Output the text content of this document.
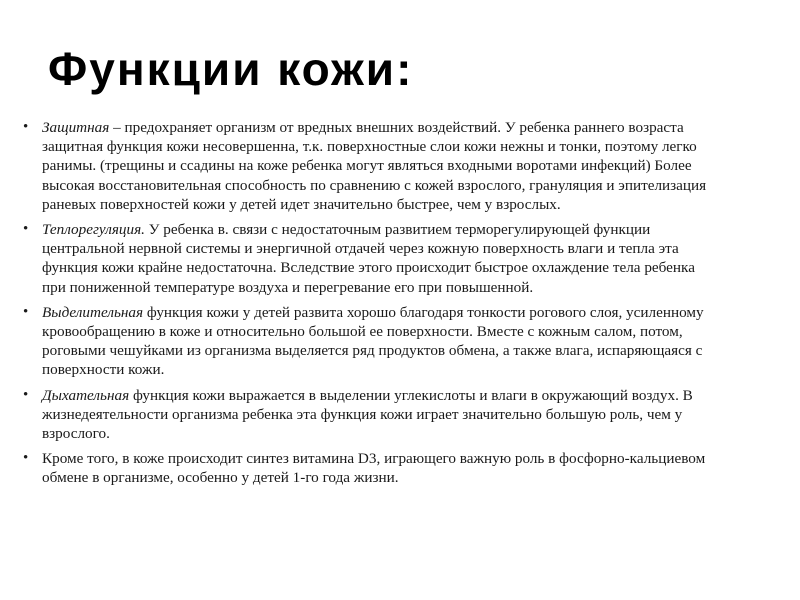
Функции кожи:
• Защитная – предохраняет организм от вредных внешних воздействий. У ребенка раннего возраста защитная функция кожи несовершенна, т.к. поверхностные слои кожи нежны и тонки, поэтому легко ранимы. (трещины и ссадины на коже ребенка могут являться входными воротами инфекций) Более высокая восстановительная способность по сравнению с кожей взрослого, грануляция и эпителизация раневых поверхностей кожи у детей идет значительно быстрее, чем у взрослых.
• Теплорегуляция. У ребенка в. связи с недостаточным развитием терморегулирующей функции центральной нервной системы и энергичной отдачей через кожную поверхность влаги и тепла эта функция кожи крайне недостаточна. Вследствие этого происходит быстрое охлаждение тела ребенка при пониженной температуре воздуха и перегревание его при повышенной.
• Выделительная функция кожи у детей развита хорошо благодаря тонкости рогового слоя, усиленному кровообращению в коже и относительно большой ее поверхности. Вместе с кожным салом, потом, роговыми чешуйками из организма выделяется ряд продуктов обмена, а также влага, испаряющаяся с поверхности кожи.
• Дыхательная функция кожи выражается в выделении углекислоты и влаги в окружающий воздух. В жизнедеятельности организма ребенка эта функция кожи играет значительно большую роль, чем у взрослого.
• Кроме того, в коже происходит синтез витамина D3, играющего важную роль в фосфорно-кальциевом обмене в организме, особенно у детей 1-го года жизни.
